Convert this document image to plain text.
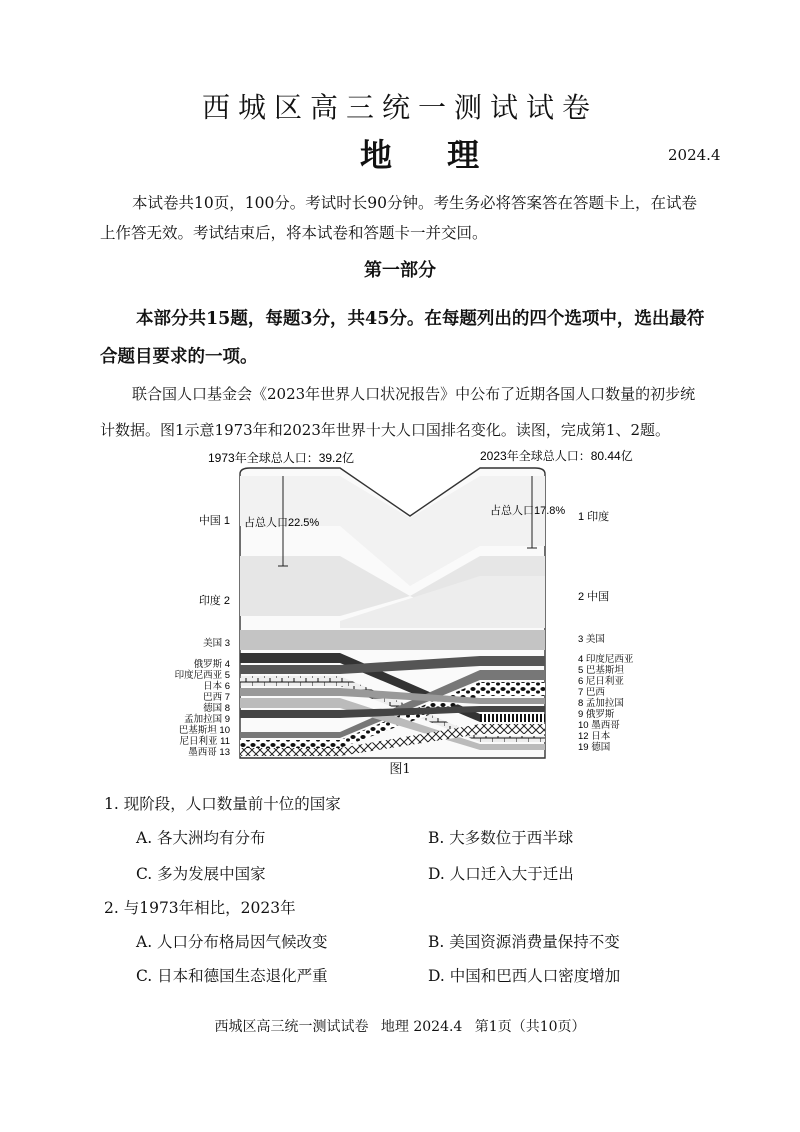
西城区高三统一测试试卷
地 理	2024.4
本试卷共10页，100分。考试时长90分钟。考生务必将答案答在答题卡上，在试卷上作答无效。考试结束后，将本试卷和答题卡一并交回。
第一部分
本部分共15题，每题3分，共45分。在每题列出的四个选项中，选出最符合题目要求的一项。
联合国人口基金会《2023年世界人口状况报告》中公布了近期各国人口数量的初步统计数据。图1示意1973年和2023年世界十大人口国排名变化。读图，完成第1、2题。
1973年全球总人口：39.2亿	2023年全球总人口：80.44亿
占总人口22.5%
占总人口17.8%
中国 1
印度 2
美国 3
俄罗斯 4
印度尼西亚 5
日本 6
巴西 7
德国 8
孟加拉国 9
巴基斯坦 10
尼日利亚 11
墨西哥 13
1 印度
2 中国
3 美国
4 印度尼西亚
5 巴基斯坦
6 尼日利亚
7 巴西
8 孟加拉国
9 俄罗斯
10 墨西哥
12 日本
19 德国
图1
1. 现阶段，人口数量前十位的国家
A. 各大洲均有分布	B. 大多数位于西半球
C. 多为发展中国家	D. 人口迁入大于迁出
2. 与1973年相比，2023年
A. 人口分布格局因气候改变	B. 美国资源消费量保持不变
C. 日本和德国生态退化严重	D. 中国和巴西人口密度增加
西城区高三统一测试试卷 地理 2024.4 第1页（共10页）
